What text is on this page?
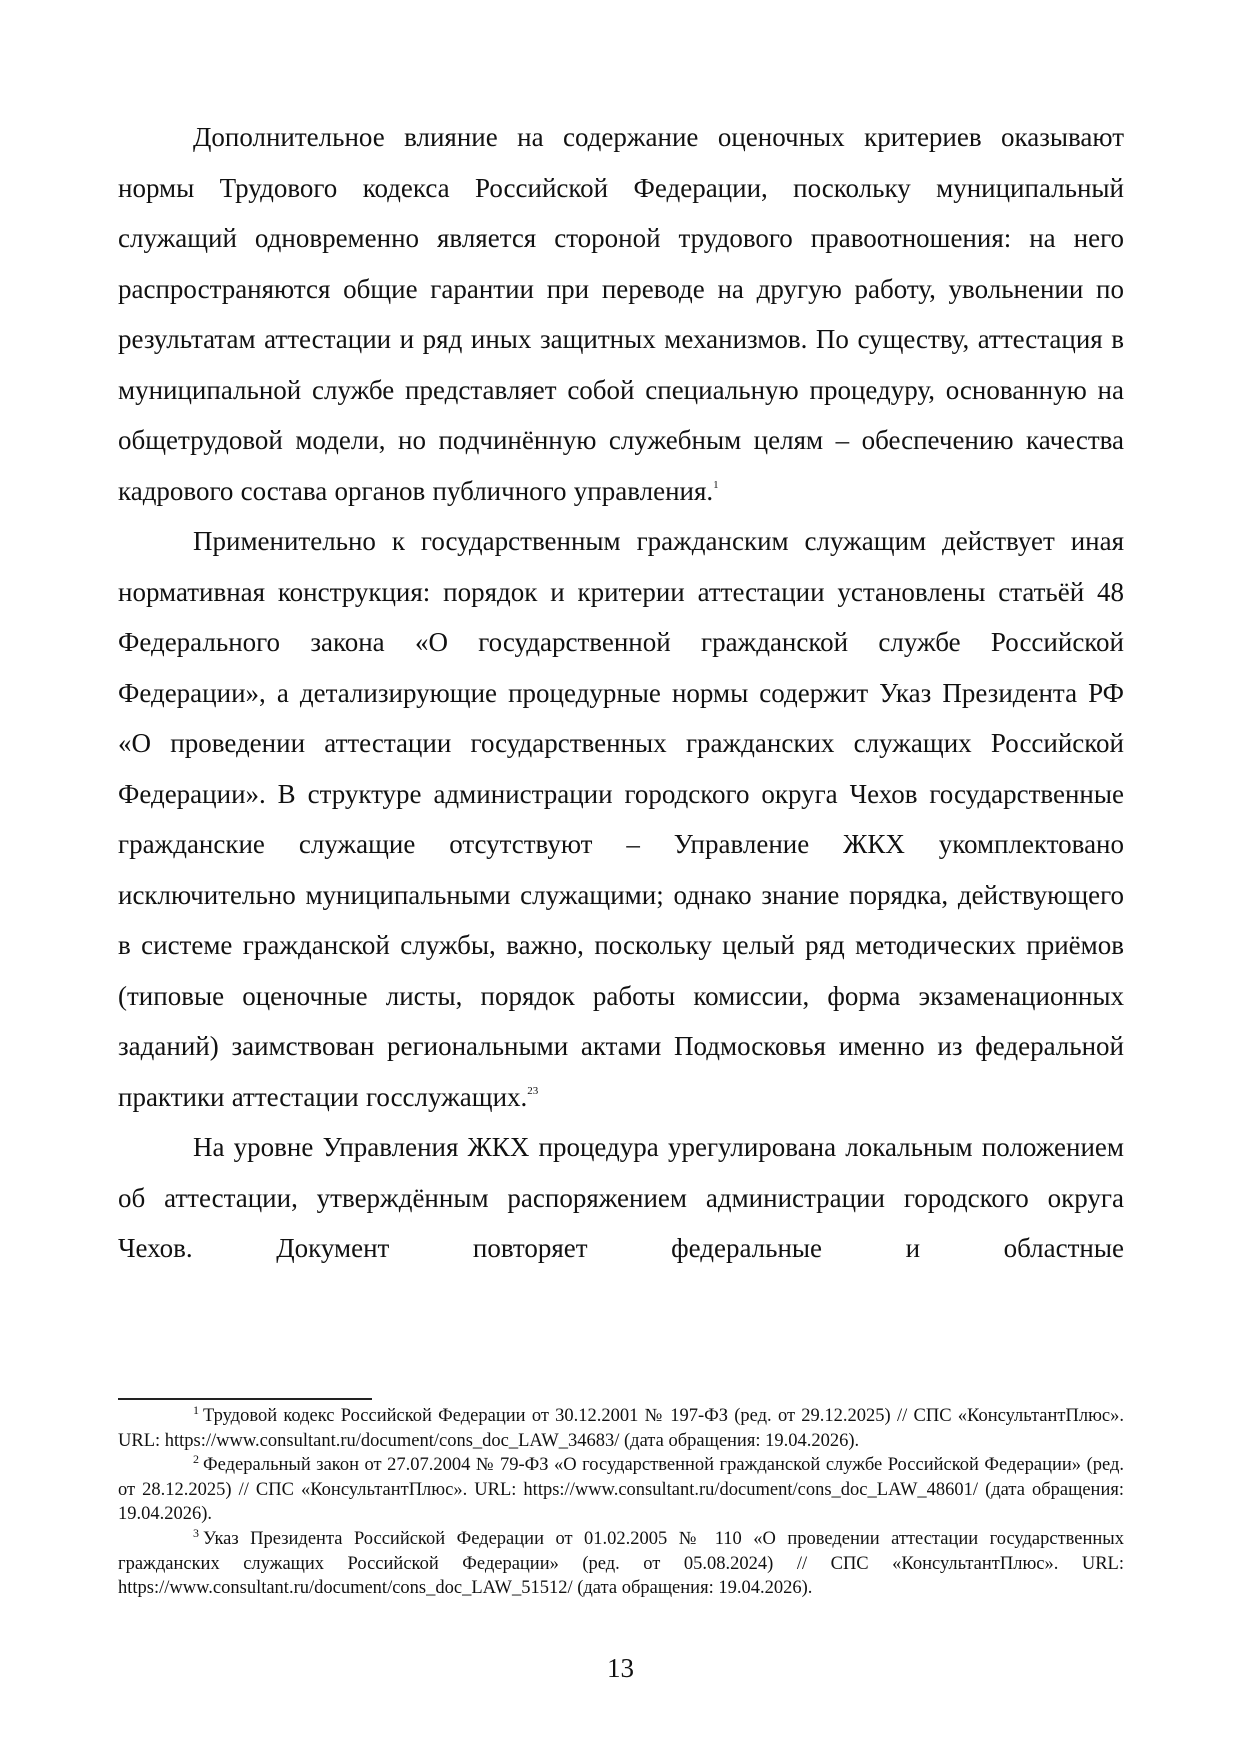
Дополнительное влияние на содержание оценочных критериев оказывают нормы Трудового кодекса Российской Федерации, поскольку муниципальный служащий одновременно является стороной трудового правоотношения: на него распространяются общие гарантии при переводе на другую работу, увольнении по результатам аттестации и ряд иных защитных механизмов. По существу, аттестация в муниципальной службе представляет собой специальную процедуру, основанную на общетрудовой модели, но подчинённую служебным целям – обеспечению качества кадрового состава органов публичного управления.$^1$

Применительно к государственным гражданским служащим действует иная нормативная конструкция: порядок и критерии аттестации установлены статьёй 48 Федерального закона «О государственной гражданской службе Российской Федерации», а детализирующие процедурные нормы содержит Указ Президента РФ «О проведении аттестации государственных гражданских служащих Российской Федерации». В структуре администрации городского округа Чехов государственные гражданские служащие отсутствуют – Управление ЖКХ укомплектовано исключительно муниципальными служащими; однако знание порядка, действующего в системе гражданской службы, важно, поскольку целый ряд методических приёмов (типовые оценочные листы, порядок работы комиссии, форма экзаменационных заданий) заимствован региональными актами Подмосковья именно из федеральной практики аттестации госслужащих.$^{23}$

На уровне Управления ЖКХ процедура урегулирована локальным положением об аттестации, утверждённым распоряжением администрации городского округа Чехов. Документ повторяет федеральные и областные

$^1$ Трудовой кодекс Российской Федерации от 30.12.2001 № 197-ФЗ (ред. от 29.12.2025) // СПС «КонсультантПлюс». URL: https://www.consultant.ru/document/cons_doc_LAW_34683/ (дата обращения: 19.04.2026).

$^2$ Федеральный закон от 27.07.2004 № 79-ФЗ «О государственной гражданской службе Российской Федерации» (ред. от 28.12.2025) // СПС «КонсультантПлюс». URL: https://www.consultant.ru/document/cons_doc_LAW_48601/ (дата обращения: 19.04.2026).

$^3$ Указ Президента Российской Федерации от 01.02.2005 № 110 «О проведении аттестации государственных гражданских служащих Российской Федерации» (ред. от 05.08.2024) // СПС «КонсультантПлюс». URL: https://www.consultant.ru/document/cons_doc_LAW_51512/ (дата обращения: 19.04.2026).

13
